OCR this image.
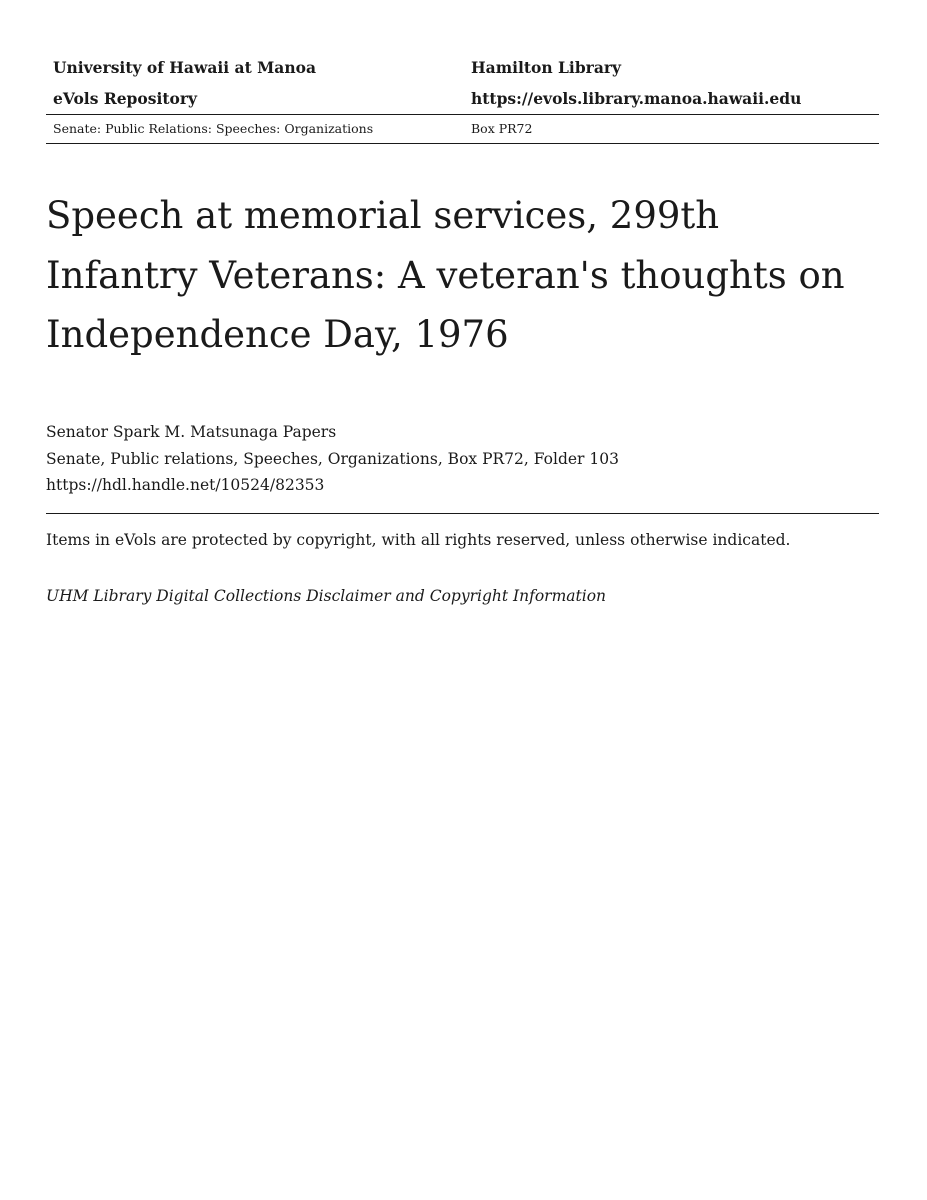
University of Hawaii at Manoa	Hamilton Library
eVols Repository	https://evols.library.manoa.hawaii.edu
Senate: Public Relations: Speeches: Organizations	Box PR72
Speech at memorial services, 299th Infantry Veterans: A veteran's thoughts on Independence Day, 1976
Senator Spark M. Matsunaga Papers
Senate, Public relations, Speeches, Organizations, Box PR72, Folder 103
https://hdl.handle.net/10524/82353
Items in eVols are protected by copyright, with all rights reserved, unless otherwise indicated.
UHM Library Digital Collections Disclaimer and Copyright Information
